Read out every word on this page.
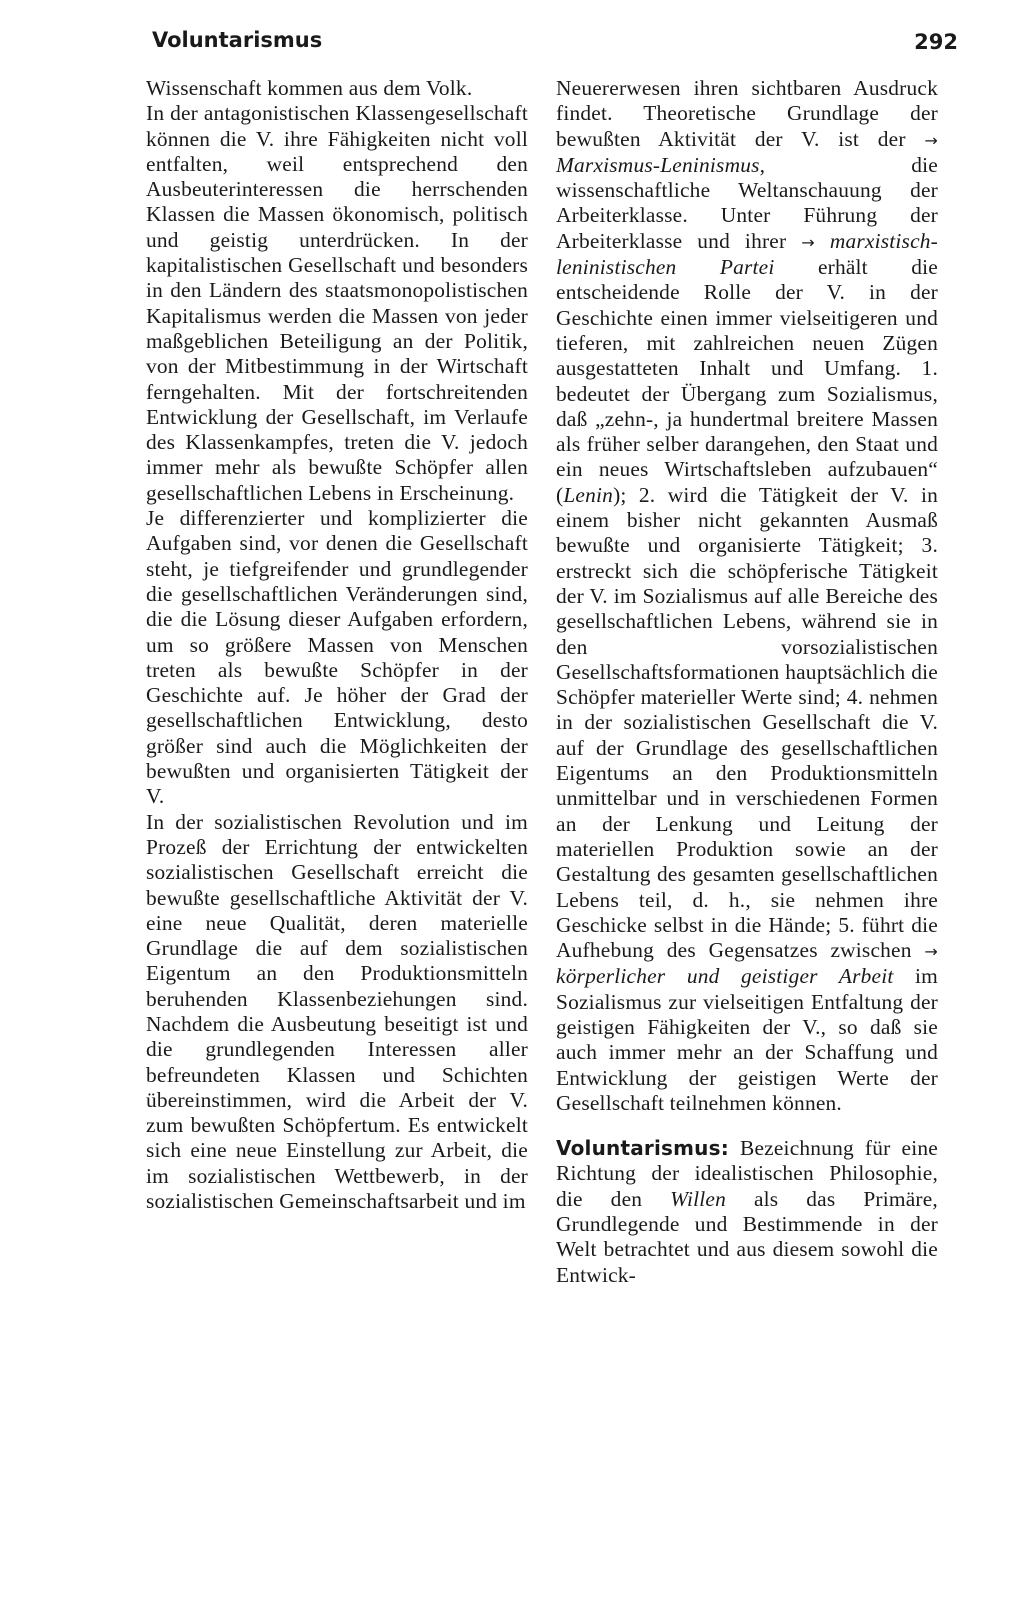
Voluntarismus	292

Wissenschaft kommen aus dem Volk.

In der antagonistischen Klassengesellschaft können die V. ihre Fähigkeiten nicht voll entfalten, weil entsprechend den Ausbeuterinteressen die herrschenden Klassen die Massen ökonomisch, politisch und geistig unterdrücken. In der kapitalistischen Gesellschaft und besonders in den Ländern des staatsmonopolistischen Kapitalismus werden die Massen von jeder maßgeblichen Beteiligung an der Politik, von der Mitbestimmung in der Wirtschaft ferngehalten. Mit der fortschreitenden Entwicklung der Gesellschaft, im Verlaufe des Klassenkampfes, treten die V. jedoch immer mehr als bewußte Schöpfer allen gesellschaftlichen Lebens in Erscheinung.

Je differenzierter und komplizierter die Aufgaben sind, vor denen die Gesellschaft steht, je tiefgreifender und grundlegender die gesellschaftlichen Veränderungen sind, die die Lösung dieser Aufgaben erfordern, um so größere Massen von Menschen treten als bewußte Schöpfer in der Geschichte auf. Je höher der Grad der gesellschaftlichen Entwicklung, desto größer sind auch die Möglichkeiten der bewußten und organisierten Tätigkeit der V.

In der sozialistischen Revolution und im Prozeß der Errichtung der entwickelten sozialistischen Gesellschaft erreicht die bewußte gesellschaftliche Aktivität der V. eine neue Qualität, deren materielle Grundlage die auf dem sozialistischen Eigentum an den Produktionsmitteln beruhenden Klassenbeziehungen sind. Nachdem die Ausbeutung beseitigt ist und die grundlegenden Interessen aller befreundeten Klassen und Schichten übereinstimmen, wird die Arbeit der V. zum bewußten Schöpfertum. Es entwickelt sich eine neue Einstellung zur Arbeit, die im sozialistischen Wettbewerb, in der sozialistischen Gemeinschaftsarbeit und im

Neuererwesen ihren sichtbaren Ausdruck findet. Theoretische Grundlage der bewußten Aktivität der V. ist der → Marxismus-Leninismus, die wissenschaftliche Weltanschauung der Arbeiterklasse. Unter Führung der Arbeiterklasse und ihrer → marxistisch-leninistischen Partei erhält die entscheidende Rolle der V. in der Geschichte einen immer vielseitigeren und tieferen, mit zahlreichen neuen Zügen ausgestatteten Inhalt und Umfang. 1. bedeutet der Übergang zum Sozialismus, daß „zehn-, ja hundertmal breitere Massen als früher selber darangehen, den Staat und ein neues Wirtschaftsleben aufzubauen“ (Lenin); 2. wird die Tätigkeit der V. in einem bisher nicht gekannten Ausmaß bewußte und organisierte Tätigkeit; 3. erstreckt sich die schöpferische Tätigkeit der V. im Sozialismus auf alle Bereiche des gesellschaftlichen Lebens, während sie in den vorsozialistischen Gesellschaftsformationen hauptsächlich die Schöpfer materieller Werte sind; 4. nehmen in der sozialistischen Gesellschaft die V. auf der Grundlage des gesellschaftlichen Eigentums an den Produktionsmitteln unmittelbar und in verschiedenen Formen an der Lenkung und Leitung der materiellen Produktion sowie an der Gestaltung des gesamten gesellschaftlichen Lebens teil, d. h., sie nehmen ihre Geschicke selbst in die Hände; 5. führt die Aufhebung des Gegensatzes zwischen → körperlicher und geistiger Arbeit im Sozialismus zur vielseitigen Entfaltung der geistigen Fähigkeiten der V., so daß sie auch immer mehr an der Schaffung und Entwicklung der geistigen Werte der Gesellschaft teilnehmen können.

Voluntarismus: Bezeichnung für eine Richtung der idealistischen Philosophie, die den Willen als das Primäre, Grundlegende und Bestimmende in der Welt betrachtet und aus diesem sowohl die Entwick-
